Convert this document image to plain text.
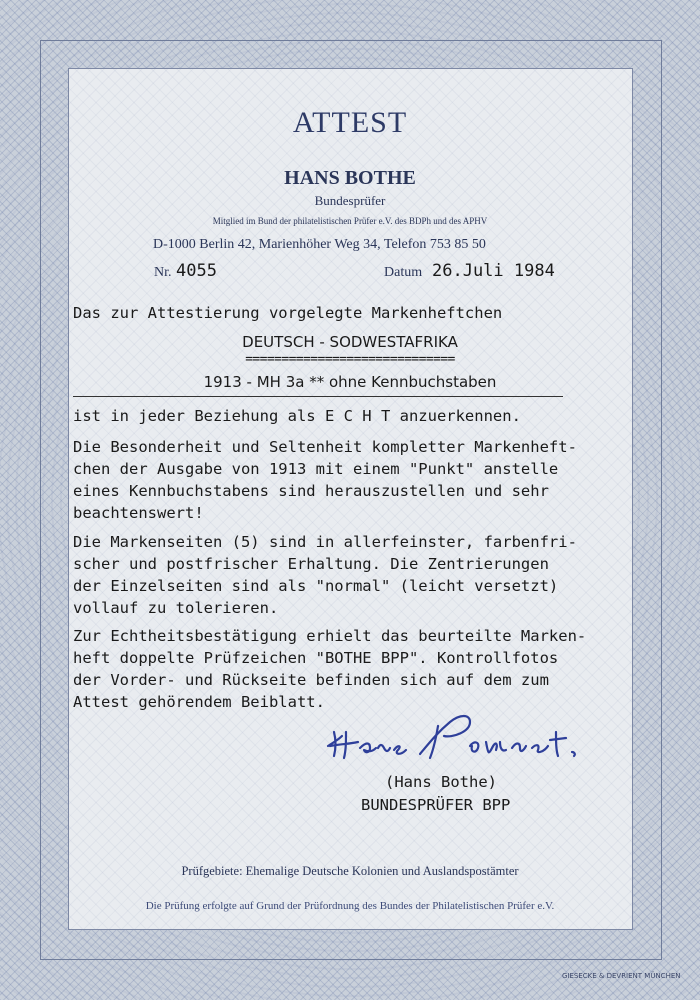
ATTEST
HANS BOTHE
Bundesprüfer
Mitglied im Bund der philatelistischen Prüfer e.V. des BDPh und des APHV
D-1000 Berlin 42, Marienhöher Weg 34, Telefon 753 85 50
Nr. 4055	Datum 26.Juli 1984
Das zur Attestierung vorgelegte Markenheftchen
DEUTSCH - SODWESTAFRIKA
=============================
1913 - MH 3a ** ohne Kennbuchstaben
ist in jeder Beziehung als E C H T anzuerkennen.
Die Besonderheit und Seltenheit kompletter Markenheft-
chen der Ausgabe von 1913 mit einem "Punkt" anstelle
eines Kennbuchstabens sind herauszustellen und sehr
beachtenswert!
Die Markenseiten (5) sind in allerfeinster, farbenfri-
scher und postfrischer Erhaltung. Die Zentrierungen
der Einzelseiten sind als "normal" (leicht versetzt)
vollauf zu tolerieren.
Zur Echtheitsbestätigung erhielt das beurteilte Marken-
heft doppelte Prüfzeichen "BOTHE BPP". Kontrollfotos
der Vorder- und Rückseite befinden sich auf dem zum
Attest gehörendem Beiblatt.
(Hans Bothe)
BUNDESPRÜFER BPP
Prüfgebiete: Ehemalige Deutsche Kolonien und Auslandspostämter
Die Prüfung erfolgte auf Grund der Prüfordnung des Bundes der Philatelistischen Prüfer e.V.
GIESECKE & DEVRIENT MÜNCHEN
